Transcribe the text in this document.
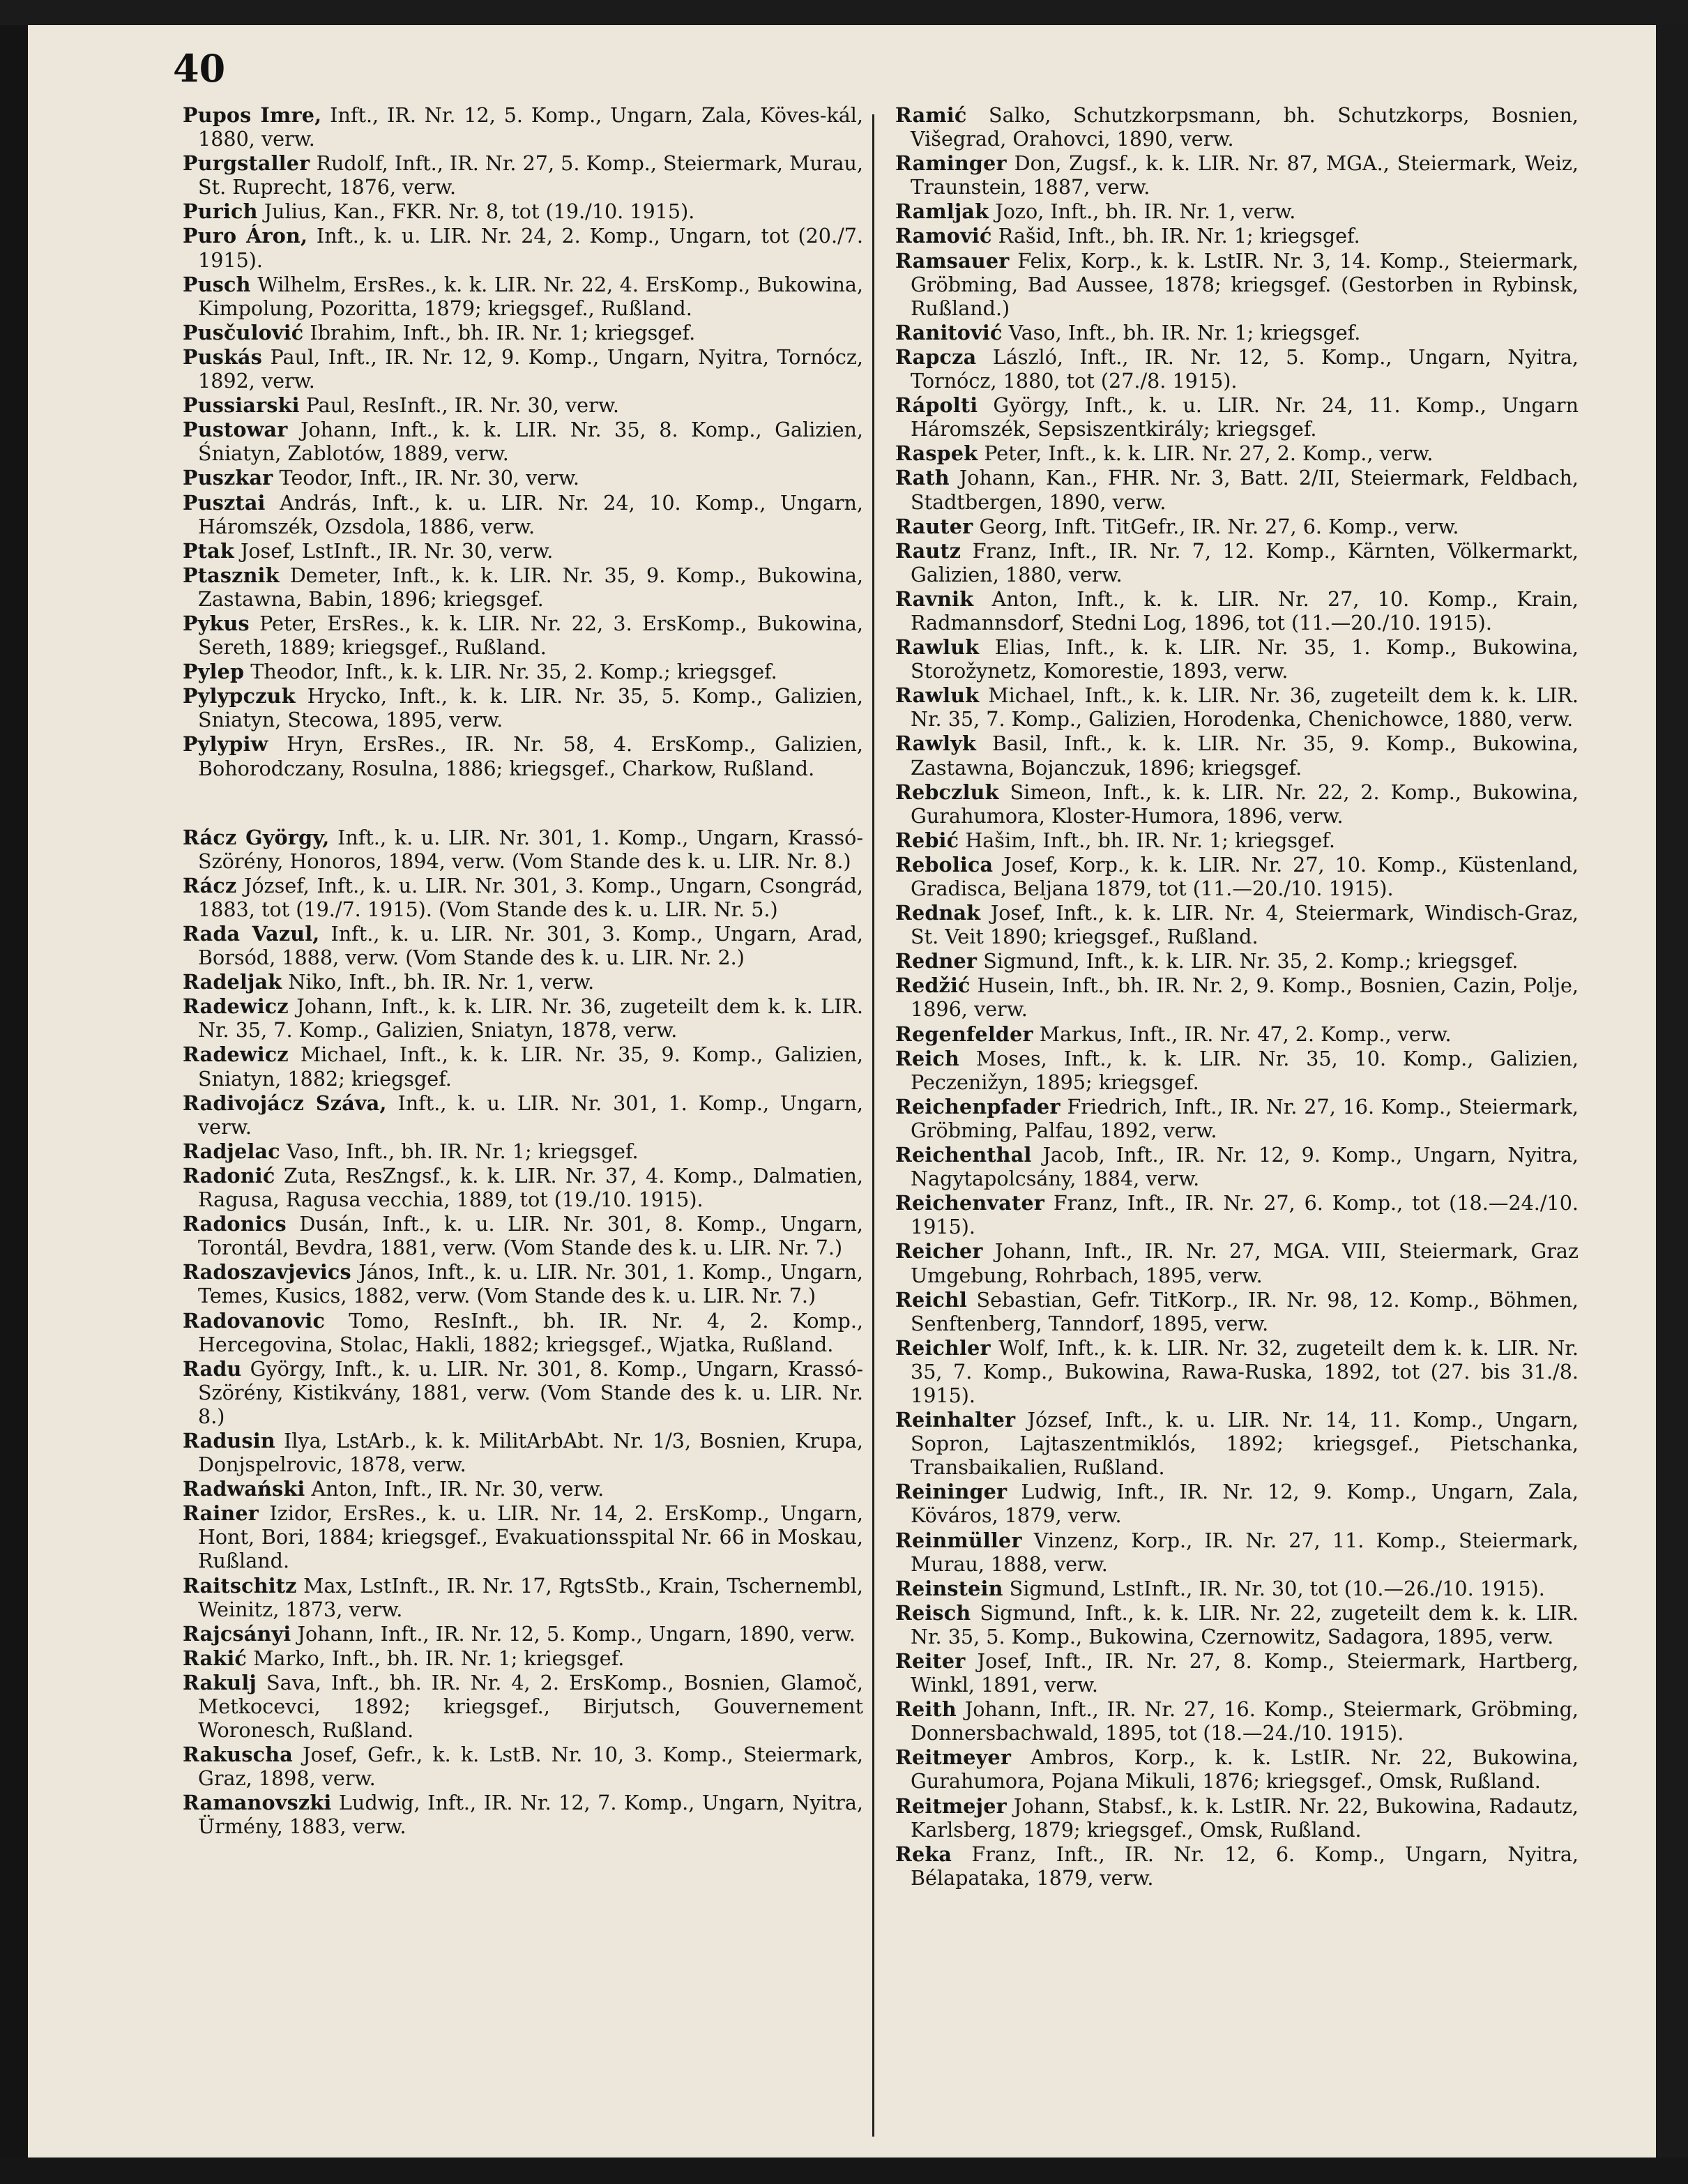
40
Pupos Imre, Inft., IR. Nr. 12, 5. Komp., Ungarn, Zala, Köves-kál, 1880, verw.
Purgstaller Rudolf, Inft., IR. Nr. 27, 5. Komp., Steiermark, Murau, St. Ruprecht, 1876, verw.
Purich Julius, Kan., FKR. Nr. 8, tot (19./10. 1915).
Puro Áron, Inft., k. u. LIR. Nr. 24, 2. Komp., Ungarn, tot (20./7. 1915).
Pusch Wilhelm, ErsRes., k. k. LIR. Nr. 22, 4. ErsKomp., Bukowina, Kimpolung, Pozoritta, 1879; kriegsgef., Rußland.
Pusčulović Ibrahim, Inft., bh. IR. Nr. 1; kriegsgef.
Puskás Paul, Inft., IR. Nr. 12, 9. Komp., Ungarn, Nyitra, Tornócz, 1892, verw.
Pussiarski Paul, ResInft., IR. Nr. 30, verw.
Pustowar Johann, Inft., k. k. LIR. Nr. 35, 8. Komp., Galizien, Śniatyn, Zablotów, 1889, verw.
Puszkar Teodor, Inft., IR. Nr. 30, verw.
Pusztai András, Inft., k. u. LIR. Nr. 24, 10. Komp., Ungarn, Háromszék, Ozsdola, 1886, verw.
Ptak Josef, LstInft., IR. Nr. 30, verw.
Ptasznik Demeter, Inft., k. k. LIR. Nr. 35, 9. Komp., Bukowina, Zastawna, Babin, 1896; kriegsgef.
Pykus Peter, ErsRes., k. k. LIR. Nr. 22, 3. ErsKomp., Bukowina, Sereth, 1889; kriegsgef., Rußland.
Pylep Theodor, Inft., k. k. LIR. Nr. 35, 2. Komp.; kriegsgef.
Pylypczuk Hrycko, Inft., k. k. LIR. Nr. 35, 5. Komp., Galizien, Sniatyn, Stecowa, 1895, verw.
Pylypiw Hryn, ErsRes., IR. Nr. 58, 4. ErsKomp., Galizien, Bohorodczany, Rosulna, 1886; kriegsgef., Charkow, Rußland.
Rácz György, Inft., k. u. LIR. Nr. 301, 1. Komp., Ungarn, Krassó-Szörény, Honoros, 1894, verw. (Vom Stande des k. u. LIR. Nr. 8.)
Rácz József, Inft., k. u. LIR. Nr. 301, 3. Komp., Ungarn, Csongrád, 1883, tot (19./7. 1915). (Vom Stande des k. u. LIR. Nr. 5.)
Rada Vazul, Inft., k. u. LIR. Nr. 301, 3. Komp., Ungarn, Arad, Borsód, 1888, verw. (Vom Stande des k. u. LIR. Nr. 2.)
Radeljak Niko, Inft., bh. IR. Nr. 1, verw.
Radewicz Johann, Inft., k. k. LIR. Nr. 36, zugeteilt dem k. k. LIR. Nr. 35, 7. Komp., Galizien, Sniatyn, 1878, verw.
Radewicz Michael, Inft., k. k. LIR. Nr. 35, 9. Komp., Galizien, Sniatyn, 1882; kriegsgef.
Radivojácz Száva, Inft., k. u. LIR. Nr. 301, 1. Komp., Ungarn, verw.
Radjelac Vaso, Inft., bh. IR. Nr. 1; kriegsgef.
Radonić Zuta, ResZngsf., k. k. LIR. Nr. 37, 4. Komp., Dalmatien, Ragusa, Ragusa vecchia, 1889, tot (19./10. 1915).
Radonics Dusán, Inft., k. u. LIR. Nr. 301, 8. Komp., Ungarn, Torontál, Bevdra, 1881, verw. (Vom Stande des k. u. LIR. Nr. 7.)
Radoszavjevics János, Inft., k. u. LIR. Nr. 301, 1. Komp., Ungarn, Temes, Kusics, 1882, verw. (Vom Stande des k. u. LIR. Nr. 7.)
Radovanovic Tomo, ResInft., bh. IR. Nr. 4, 2. Komp., Hercegovina, Stolac, Hakli, 1882; kriegsgef., Wjatka, Rußland.
Radu György, Inft., k. u. LIR. Nr. 301, 8. Komp., Ungarn, Krassó-Szörény, Kistikvány, 1881, verw. (Vom Stande des k. u. LIR. Nr. 8.)
Radusin Ilya, LstArb., k. k. MilitArbAbt. Nr. 1/3, Bosnien, Krupa, Donjspelrovic, 1878, verw.
Radwański Anton, Inft., IR. Nr. 30, verw.
Rainer Izidor, ErsRes., k. u. LIR. Nr. 14, 2. ErsKomp., Ungarn, Hont, Bori, 1884; kriegsgef., Evakuationsspital Nr. 66 in Moskau, Rußland.
Raitschitz Max, LstInft., IR. Nr. 17, RgtsStb., Krain, Tschernembl, Weinitz, 1873, verw.
Rajcsányi Johann, Inft., IR. Nr. 12, 5. Komp., Ungarn, 1890, verw.
Rakić Marko, Inft., bh. IR. Nr. 1; kriegsgef.
Rakulj Sava, Inft., bh. IR. Nr. 4, 2. ErsKomp., Bosnien, Glamoč, Metkocevci, 1892; kriegsgef., Birjutsch, Gouvernement Woronesch, Rußland.
Rakuscha Josef, Gefr., k. k. LstB. Nr. 10, 3. Komp., Steiermark, Graz, 1898, verw.
Ramanovszki Ludwig, Inft., IR. Nr. 12, 7. Komp., Ungarn, Nyitra, Ürmény, 1883, verw.
Ramić Salko, Schutzkorpsmann, bh. Schutzkorps, Bosnien, Višegrad, Orahovci, 1890, verw.
Raminger Don, Zugsf., k. k. LIR. Nr. 87, MGA., Steiermark, Weiz, Traunstein, 1887, verw.
Ramljak Jozo, Inft., bh. IR. Nr. 1, verw.
Ramović Rašid, Inft., bh. IR. Nr. 1; kriegsgef.
Ramsauer Felix, Korp., k. k. LstIR. Nr. 3, 14. Komp., Steiermark, Gröbming, Bad Aussee, 1878; kriegsgef. (Gestorben in Rybinsk, Rußland.)
Ranitović Vaso, Inft., bh. IR. Nr. 1; kriegsgef.
Rapcza László, Inft., IR. Nr. 12, 5. Komp., Ungarn, Nyitra, Tornócz, 1880, tot (27./8. 1915).
Rápolti György, Inft., k. u. LIR. Nr. 24, 11. Komp., Ungarn Háromszék, Sepsiszentkirály; kriegsgef.
Raspek Peter, Inft., k. k. LIR. Nr. 27, 2. Komp., verw.
Rath Johann, Kan., FHR. Nr. 3, Batt. 2/II, Steiermark, Feldbach, Stadtbergen, 1890, verw.
Rauter Georg, Inft. TitGefr., IR. Nr. 27, 6. Komp., verw.
Rautz Franz, Inft., IR. Nr. 7, 12. Komp., Kärnten, Völkermarkt, Galizien, 1880, verw.
Ravnik Anton, Inft., k. k. LIR. Nr. 27, 10. Komp., Krain, Radmannsdorf, Stedni Log, 1896, tot (11.—20./10. 1915).
Rawluk Elias, Inft., k. k. LIR. Nr. 35, 1. Komp., Bukowina, Storožynetz, Komorestie, 1893, verw.
Rawluk Michael, Inft., k. k. LIR. Nr. 36, zugeteilt dem k. k. LIR. Nr. 35, 7. Komp., Galizien, Horodenka, Chenichowce, 1880, verw.
Rawlyk Basil, Inft., k. k. LIR. Nr. 35, 9. Komp., Bukowina, Zastawna, Bojanczuk, 1896; kriegsgef.
Rebczluk Simeon, Inft., k. k. LIR. Nr. 22, 2. Komp., Bukowina, Gurahumora, Kloster-Humora, 1896, verw.
Rebić Hašim, Inft., bh. IR. Nr. 1; kriegsgef.
Rebolica Josef, Korp., k. k. LIR. Nr. 27, 10. Komp., Küstenland, Gradisca, Beljana 1879, tot (11.—20./10. 1915).
Rednak Josef, Inft., k. k. LIR. Nr. 4, Steiermark, Windisch-Graz, St. Veit 1890; kriegsgef., Rußland.
Redner Sigmund, Inft., k. k. LIR. Nr. 35, 2. Komp.; kriegsgef.
Redžić Husein, Inft., bh. IR. Nr. 2, 9. Komp., Bosnien, Cazin, Polje, 1896, verw.
Regenfelder Markus, Inft., IR. Nr. 47, 2. Komp., verw.
Reich Moses, Inft., k. k. LIR. Nr. 35, 10. Komp., Galizien, Peczenižyn, 1895; kriegsgef.
Reichenpfader Friedrich, Inft., IR. Nr. 27, 16. Komp., Steiermark, Gröbming, Palfau, 1892, verw.
Reichenthal Jacob, Inft., IR. Nr. 12, 9. Komp., Ungarn, Nyitra, Nagytapolcsány, 1884, verw.
Reichenvater Franz, Inft., IR. Nr. 27, 6. Komp., tot (18.—24./10. 1915).
Reicher Johann, Inft., IR. Nr. 27, MGA. VIII, Steiermark, Graz Umgebung, Rohrbach, 1895, verw.
Reichl Sebastian, Gefr. TitKorp., IR. Nr. 98, 12. Komp., Böhmen, Senftenberg, Tanndorf, 1895, verw.
Reichler Wolf, Inft., k. k. LIR. Nr. 32, zugeteilt dem k. k. LIR. Nr. 35, 7. Komp., Bukowina, Rawa-Ruska, 1892, tot (27. bis 31./8. 1915).
Reinhalter József, Inft., k. u. LIR. Nr. 14, 11. Komp., Ungarn, Sopron, Lajtaszentmiklós, 1892; kriegsgef., Pietschanka, Transbaikalien, Rußland.
Reininger Ludwig, Inft., IR. Nr. 12, 9. Komp., Ungarn, Zala, Köváros, 1879, verw.
Reinmüller Vinzenz, Korp., IR. Nr. 27, 11. Komp., Steiermark, Murau, 1888, verw.
Reinstein Sigmund, LstInft., IR. Nr. 30, tot (10.—26./10. 1915).
Reisch Sigmund, Inft., k. k. LIR. Nr. 22, zugeteilt dem k. k. LIR. Nr. 35, 5. Komp., Bukowina, Czernowitz, Sadagora, 1895, verw.
Reiter Josef, Inft., IR. Nr. 27, 8. Komp., Steiermark, Hartberg, Winkl, 1891, verw.
Reith Johann, Inft., IR. Nr. 27, 16. Komp., Steiermark, Gröbming, Donnersbachwald, 1895, tot (18.—24./10. 1915).
Reitmeyer Ambros, Korp., k. k. LstIR. Nr. 22, Bukowina, Gurahumora, Pojana Mikuli, 1876; kriegsgef., Omsk, Rußland.
Reitmejer Johann, Stabsf., k. k. LstIR. Nr. 22, Bukowina, Radautz, Karlsberg, 1879; kriegsgef., Omsk, Rußland.
Reka Franz, Inft., IR. Nr. 12, 6. Komp., Ungarn, Nyitra, Bélapataka, 1879, verw.
